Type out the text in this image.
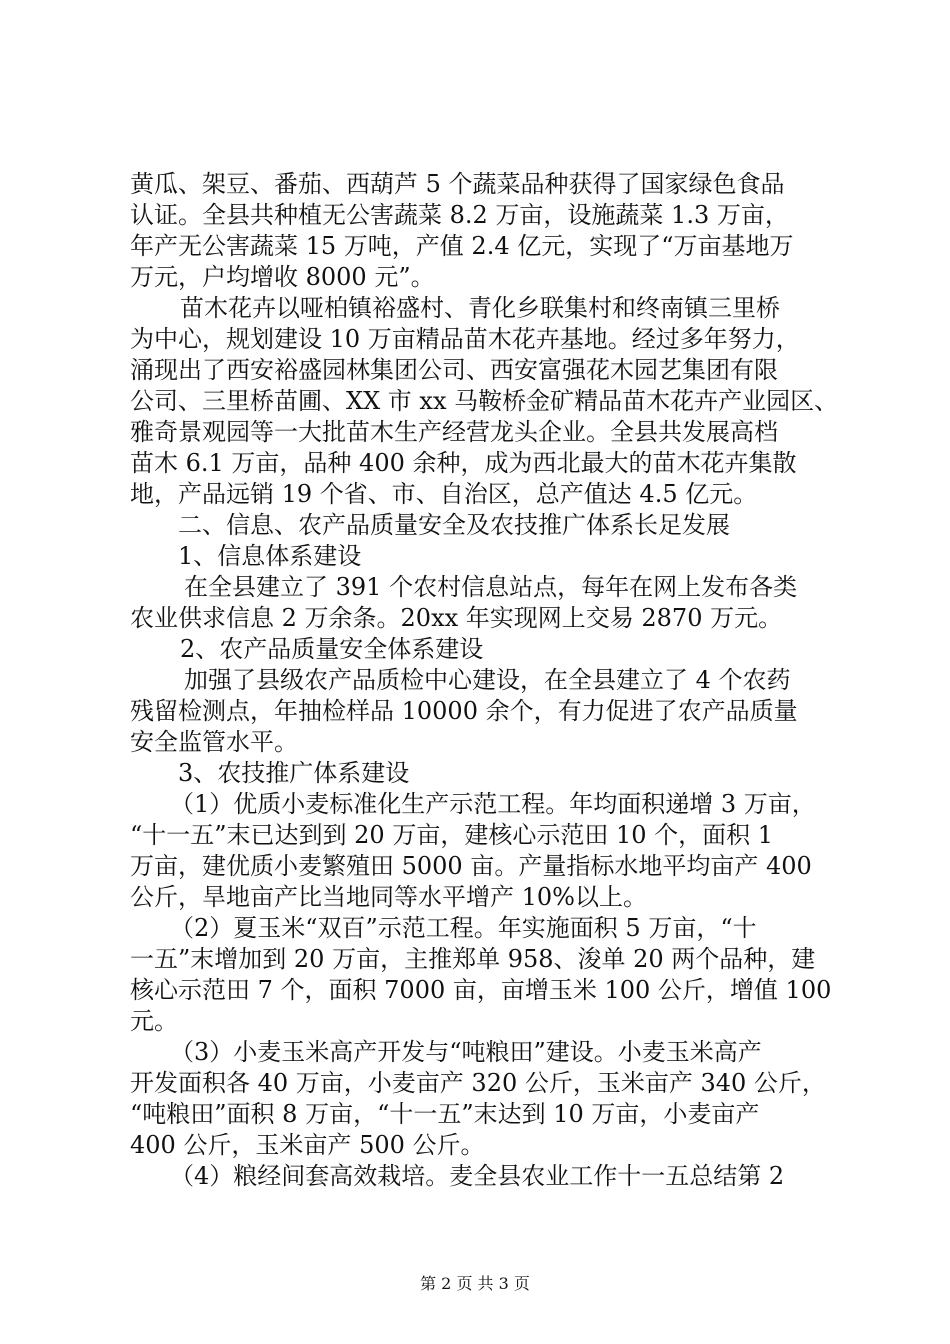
黄瓜、架豆、番茄、西葫芦 5 个蔬菜品种获得了国家绿色食品
认证。全县共种植无公害蔬菜 8.2 万亩，设施蔬菜 1.3 万亩，
年产无公害蔬菜 15 万吨，产值 2.4 亿元，实现了“万亩基地万
万元，户均增收 8000 元”。
苗木花卉以哑柏镇裕盛村、青化乡联集村和终南镇三里桥
为中心，规划建设 10 万亩精品苗木花卉基地。经过多年努力，
涌现出了西安裕盛园林集团公司、西安富强花木园艺集团有限
公司、三里桥苗圃、XX 市 xx 马鞍桥金矿精品苗木花卉产业园区、
雅奇景观园等一大批苗木生产经营龙头企业。全县共发展高档
苗木 6.1 万亩，品种 400 余种，成为西北最大的苗木花卉集散
地，产品远销 19 个省、市、自治区，总产值达 4.5 亿元。
二、信息、农产品质量安全及农技推广体系长足发展
1、信息体系建设
在全县建立了 391 个农村信息站点，每年在网上发布各类
农业供求信息 2 万余条。20xx 年实现网上交易 2870 万元。
2、农产品质量安全体系建设
加强了县级农产品质检中心建设，在全县建立了 4 个农药
残留检测点，年抽检样品 10000 余个，有力促进了农产品质量
安全监管水平。
3、农技推广体系建设
（1）优质小麦标准化生产示范工程。年均面积递增 3 万亩，
“十一五”末已达到到 20 万亩，建核心示范田 10 个，面积 1
万亩，建优质小麦繁殖田 5000 亩。产量指标水地平均亩产 400
公斤，旱地亩产比当地同等水平增产 10%以上。
（2）夏玉米“双百”示范工程。年实施面积 5 万亩，“十
一五”末增加到 20 万亩，主推郑单 958、浚单 20 两个品种，建
核心示范田 7 个，面积 7000 亩，亩增玉米 100 公斤，增值 100
元。
（3）小麦玉米高产开发与“吨粮田”建设。小麦玉米高产
开发面积各 40 万亩，小麦亩产 320 公斤，玉米亩产 340 公斤，
“吨粮田”面积 8 万亩，“十一五”末达到 10 万亩，小麦亩产
400 公斤，玉米亩产 500 公斤。
（4）粮经间套高效栽培。麦全县农业工作十一五总结第 2
第 2 页 共 3 页
